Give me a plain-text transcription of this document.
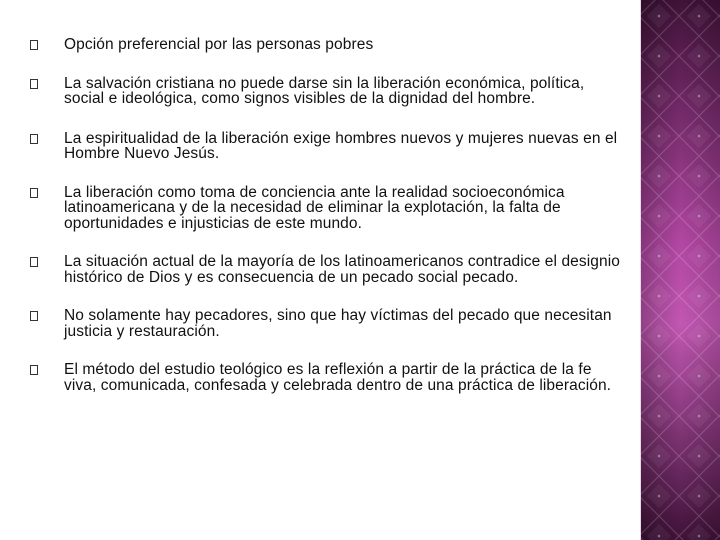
Opción preferencial por las personas pobres
La salvación cristiana no puede darse sin la liberación económica, política, social e ideológica, como signos visibles de la dignidad del hombre.
La espiritualidad de la liberación exige hombres nuevos y mujeres nuevas en el Hombre Nuevo Jesús.
La liberación como toma de conciencia ante la realidad socioeconómica latinoamericana y de la necesidad de eliminar la explotación, la falta de oportunidades e injusticias de este mundo.
La situación actual de la mayoría de los latinoamericanos contradice el designio histórico de Dios y es consecuencia de un pecado social pecado.
No solamente hay pecadores, sino que hay víctimas del pecado que necesitan justicia y restauración.
El método del estudio teológico es la reflexión a partir de la práctica de la fe viva, comunicada, confesada y celebrada dentro de una práctica de liberación.
